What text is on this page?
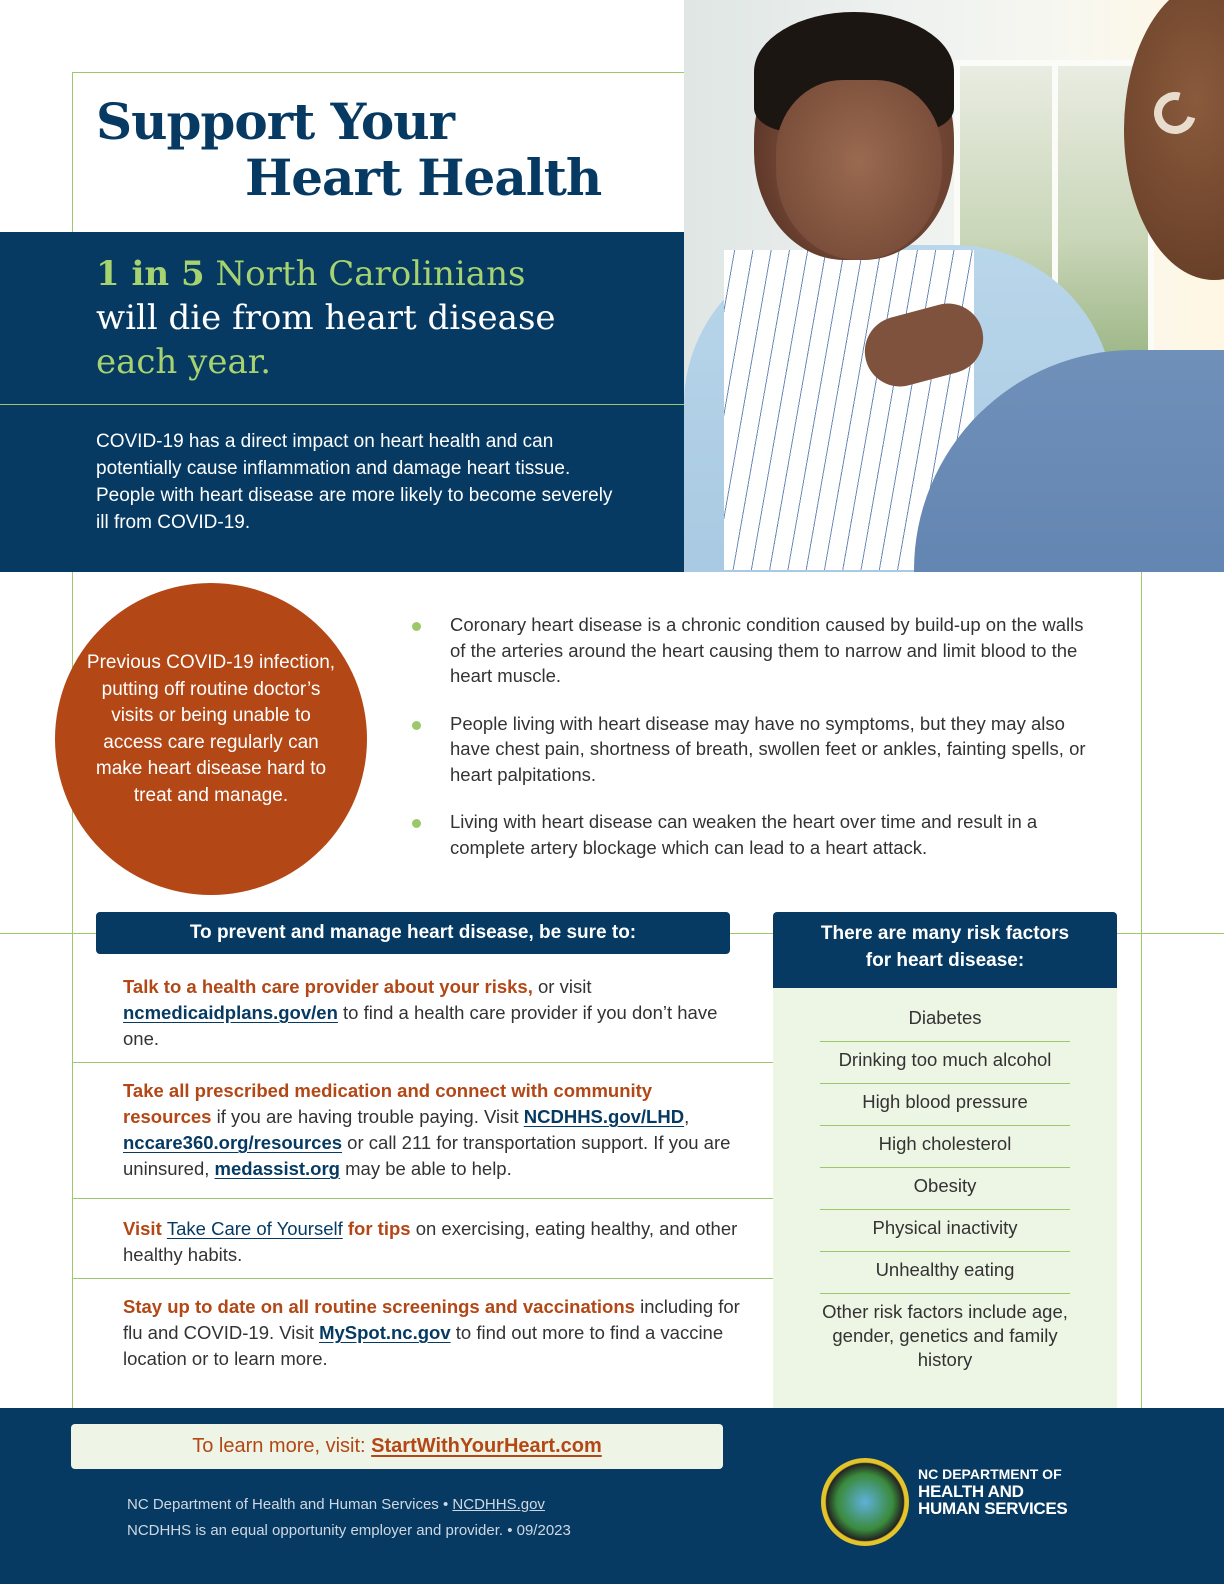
Support Your
Heart Health
1 in 5 North Carolinians
will die from heart disease
each year.
COVID-19 has a direct impact on heart health and can potentially cause inflammation and damage heart tissue. People with heart disease are more likely to become severely ill from COVID-19.
Previous COVID-19 infection, putting off routine doctor’s visits or being unable to access care regularly can make heart disease hard to treat and manage.
Coronary heart disease is a chronic condition caused by build-up on the walls of the arteries around the heart causing them to narrow and limit blood to the heart muscle.
People living with heart disease may have no symptoms, but they may also have chest pain, shortness of breath, swollen feet or ankles, fainting spells, or heart palpitations.
Living with heart disease can weaken the heart over time and result in a complete artery blockage which can lead to a heart attack.
To prevent and manage heart disease, be sure to:
Talk to a health care provider about your risks, or visit ncmedicaidplans.gov/en to find a health care provider if you don’t have one.
Take all prescribed medication and connect with community resources if you are having trouble paying. Visit NCDHHS.gov/LHD, nccare360.org/resources or call 211 for transportation support. If you are uninsured, medassist.org may be able to help.
Visit Take Care of Yourself for tips on exercising, eating healthy, and other healthy habits.
Stay up to date on all routine screenings and vaccinations including for flu and COVID-19. Visit MySpot.nc.gov to find out more to find a vaccine location or to learn more.
There are many risk factors
for heart disease:
Diabetes
Drinking too much alcohol
High blood pressure
High cholesterol
Obesity
Physical inactivity
Unhealthy eating
Other risk factors include age, gender, genetics and family history
To learn more, visit: StartWithYourHeart.com
NC Department of Health and Human Services • NCDHHS.gov
NCDHHS is an equal opportunity employer and provider. • 09/2023
NC DEPARTMENT OF
HEALTH AND
HUMAN SERVICES
